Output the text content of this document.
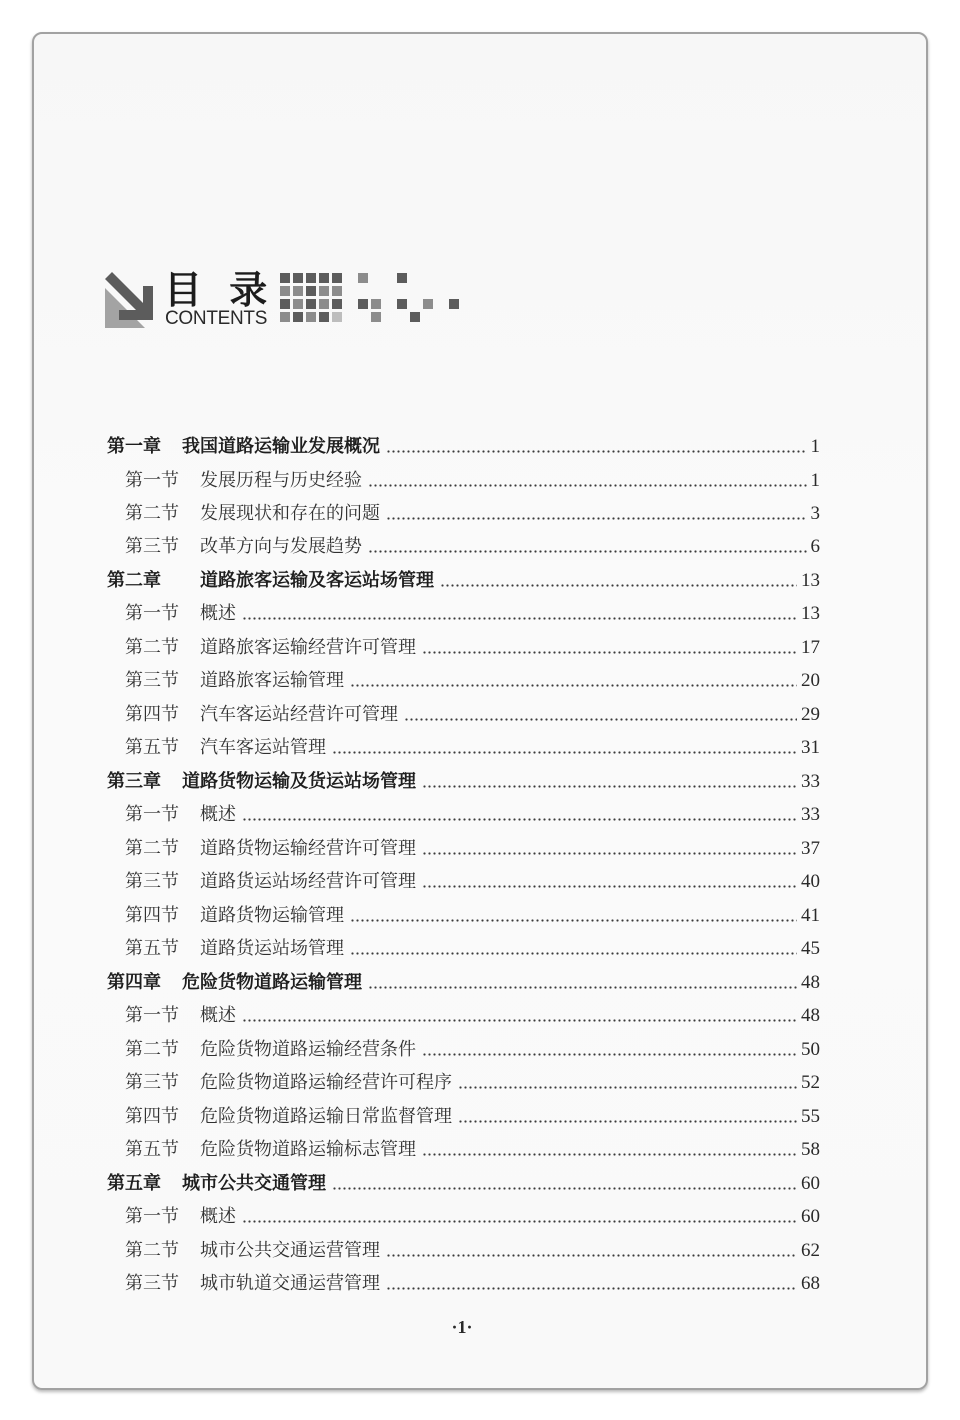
目 录
CONTENTS
第一章 我国道路运输业发展概况	1
第一节 发展历程与历史经验	1
第二节 发展现状和存在的问题	3
第三节 改革方向与发展趋势	6
第二章 道路旅客运输及客运站场管理	13
第一节 概述	13
第二节 道路旅客运输经营许可管理	17
第三节 道路旅客运输管理	20
第四节 汽车客运站经营许可管理	29
第五节 汽车客运站管理	31
第三章 道路货物运输及货运站场管理	33
第一节 概述	33
第二节 道路货物运输经营许可管理	37
第三节 道路货运站场经营许可管理	40
第四节 道路货物运输管理	41
第五节 道路货运站场管理	45
第四章 危险货物道路运输管理	48
第一节 概述	48
第二节 危险货物道路运输经营条件	50
第三节 危险货物道路运输经营许可程序	52
第四节 危险货物道路运输日常监督管理	55
第五节 危险货物道路运输标志管理	58
第五章 城市公共交通管理	60
第一节 概述	60
第二节 城市公共交通运营管理	62
第三节 城市轨道交通运营管理	68
·1·
